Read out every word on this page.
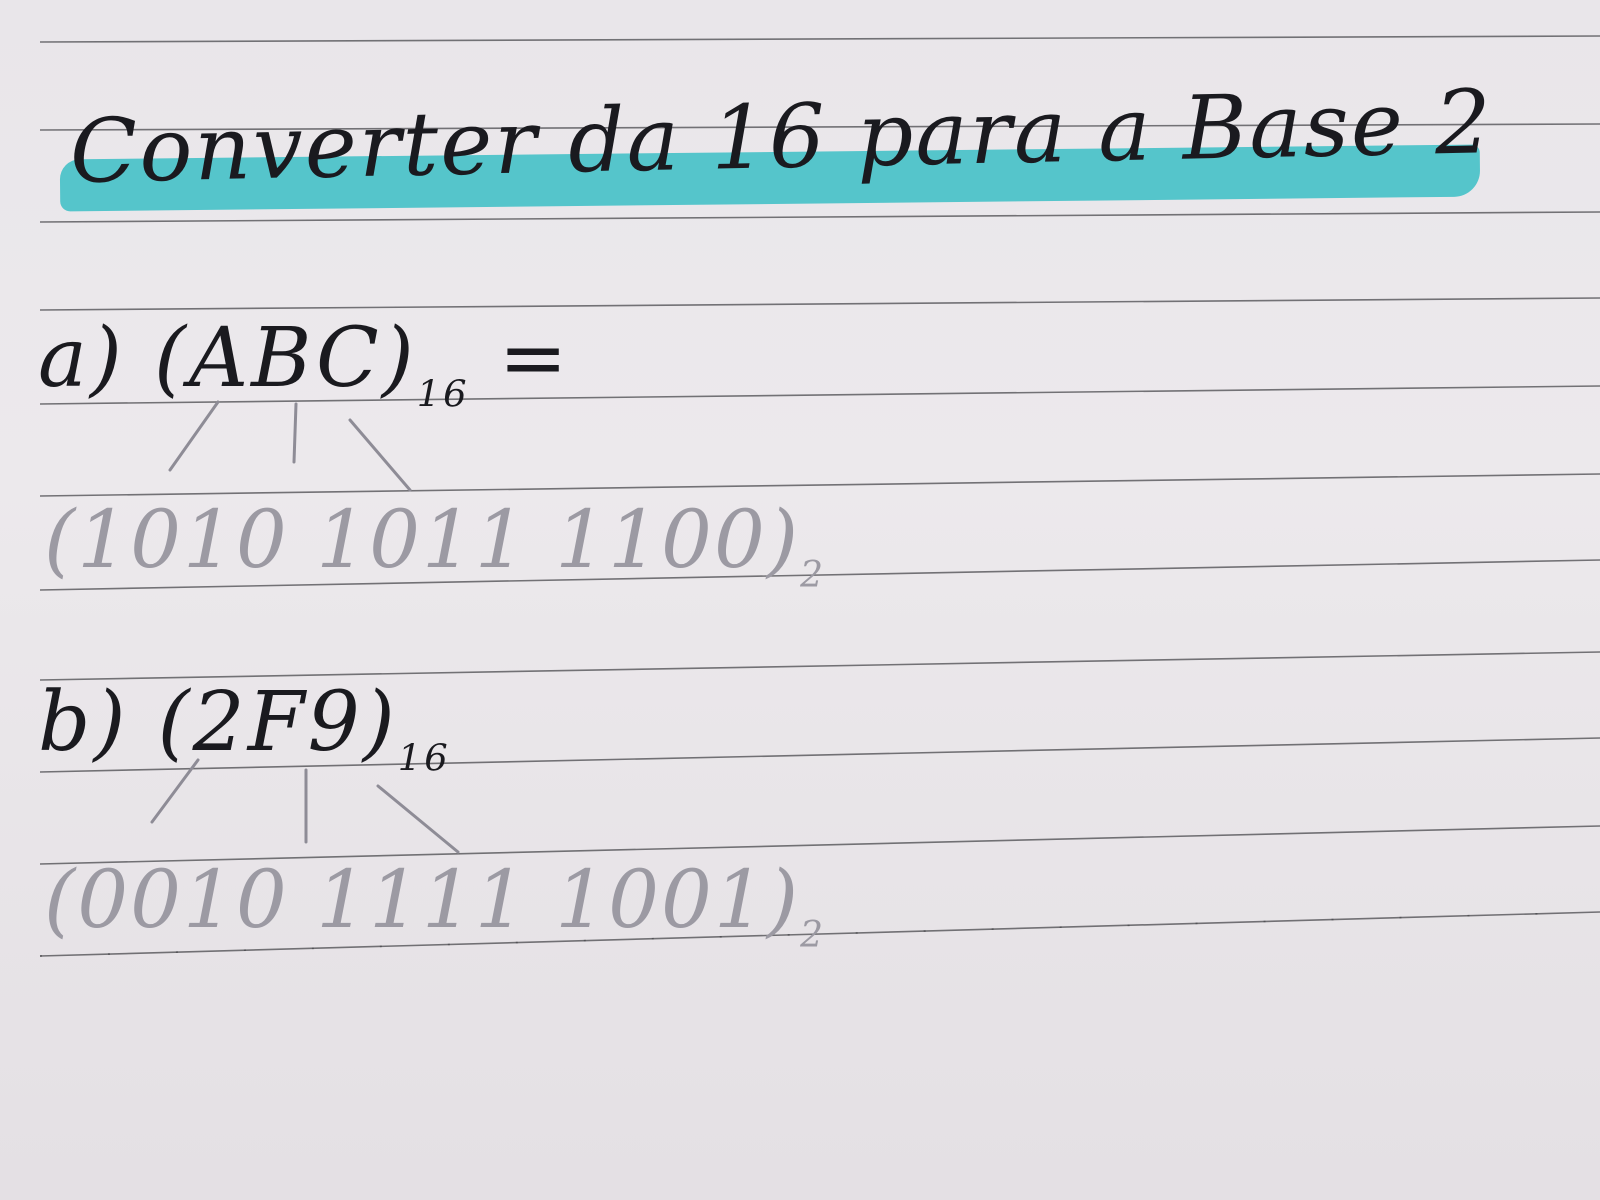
Converter da 16 para a Base 2
a) $(ABC)_{16}$ =
(1010 1011 $1100)_2$
b) $(2F9)_{16}$
(0010 1111 $1001)_2$
